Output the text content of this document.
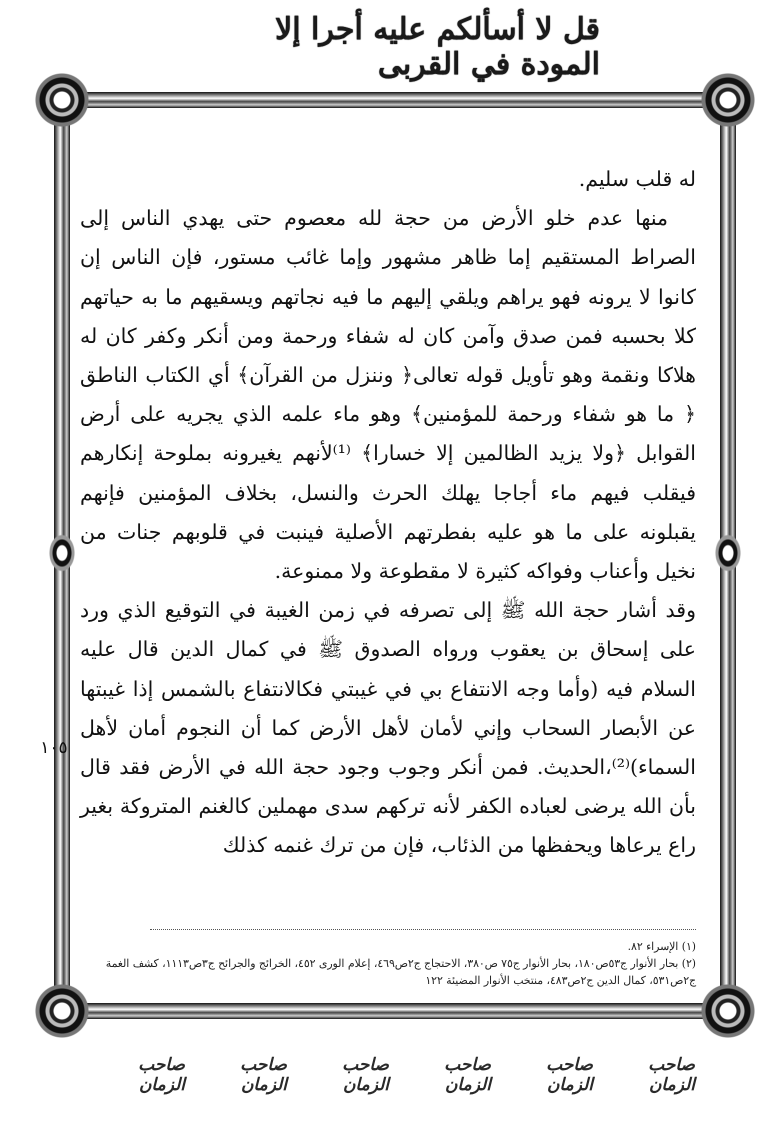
قل لا أسألكم عليه أجرا إلا المودة في القربى

له قلب سليم.

منها عدم خلو الأرض من حجة لله معصوم حتى يهدي الناس إلى الصراط المستقيم إما ظاهر مشهور وإما غائب مستور، فإن الناس إن كانوا لا يرونه فهو يراهم ويلقي إليهم ما فيه نجاتهم ويسقيهم ما به حياتهم كلا بحسبه فمن صدق وآمن كان له شفاء ورحمة ومن أنكر وكفر كان له هلاكا ونقمة وهو تأويل قوله تعالى﴿ وننزل من القرآن﴾ أي الكتاب الناطق ﴿ ما هو شفاء ورحمة للمؤمنين﴾ وهو ماء علمه الذي يجريه على أرض القوابل ﴿ولا يزيد الظالمين إلا خسارا﴾ ⁽¹⁾لأنهم يغيرونه بملوحة إنكارهم فيقلب فيهم ماء أجاجا يهلك الحرث والنسل، بخلاف المؤمنين فإنهم يقبلونه على ما هو عليه بفطرتهم الأصلية فينبت في قلوبهم جنات من نخيل وأعناب وفواكه كثيرة لا مقطوعة ولا ممنوعة.

وقد أشار حجة الله ﷺ إلى تصرفه في زمن الغيبة في التوقيع الذي ورد على إسحاق بن يعقوب ورواه الصدوق ﷺ في كمال الدين قال عليه السلام فيه (وأما وجه الانتفاع بي في غيبتي فكالانتفاع بالشمس إذا غيبتها عن الأبصار السحاب وإني لأمان لأهل الأرض كما أن النجوم أمان لأهل السماء)⁽²⁾،الحديث. فمن أنكر وجوب وجود حجة الله في الأرض فقد قال بأن الله يرضى لعباده الكفر لأنه تركهم سدى مهملين كالغنم المتروكة بغير راع يرعاها ويحفظها من الذئاب، فإن من ترك غنمه كذلك

١٠٥

(١) الإسراء ٨٢.

(٢) بحار الأنوار ج٥٣ص١٨٠، بحار الأنوار ج٧٥ ص٣٨٠، الاحتجاج ج٢ص٤٦٩، إعلام الورى ٤٥٢، الخرائج والجرائح ج٣ص١١١٣، كشف الغمة ج٢ص٥٣١، كمال الدين ج٢ص٤٨٣، منتخب الأنوار المضيئة ١٢٢

صاحب الزمان
صاحب الزمان
صاحب الزمان
صاحب الزمان
صاحب الزمان
صاحب الزمان
